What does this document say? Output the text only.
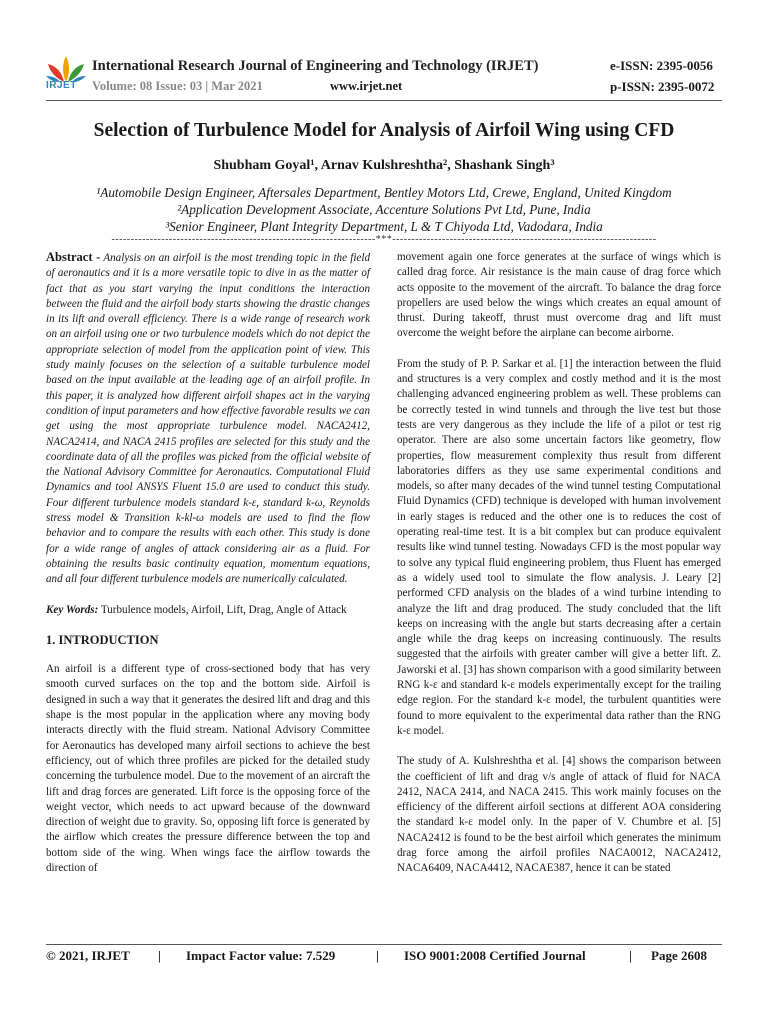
IRJET
International Research Journal of Engineering and Technology (IRJET)	e-ISSN: 2395-0056
Volume: 08 Issue: 03 | Mar 2021	www.irjet.net	p-ISSN: 2395-0072
Selection of Turbulence Model for Analysis of Airfoil Wing using CFD
Shubham Goyal¹, Arnav Kulshreshtha², Shashank Singh³
¹Automobile Design Engineer, Aftersales Department, Bentley Motors Ltd, Crewe, England, United Kingdom
²Application Development Associate, Accenture Solutions Pvt Ltd, Pune, India
³Senior Engineer, Plant Integrity Department, L & T Chiyoda Ltd, Vadodara, India
---------------------------------------------------------------------***---------------------------------------------------------------------

Abstract - Analysis on an airfoil is the most trending topic in the field of aeronautics and it is a more versatile topic to dive in as the matter of fact that as you start varying the input conditions the interaction between the fluid and the airfoil body starts showing the drastic changes in its lift and overall efficiency. There is a wide range of research work on an airfoil using one or two turbulence models which do not depict the appropriate selection of model from the application point of view. This study mainly focuses on the selection of a suitable turbulence model based on the input available at the leading age of an airfoil profile. In this paper, it is analyzed how different airfoil shapes act in the varying condition of input parameters and how effective favorable results we can get using the most appropriate turbulence model. NACA2412, NACA2414, and NACA 2415 profiles are selected for this study and the coordinate data of all the profiles was picked from the official website of the National Advisory Committee for Aeronautics. Computational Fluid Dynamics and tool ANSYS Fluent 15.0 are used to conduct this study. Four different turbulence models standard k-ε, standard k-ω, Reynolds stress model & Transition k-kl-ω models are used to find the flow behavior and to compare the results with each other. This study is done for a wide range of angles of attack considering air as a fluid. For obtaining the results basic continuity equation, momentum equations, and all four different turbulence models are numerically calculated.

Key Words: Turbulence models, Airfoil, Lift, Drag, Angle of Attack

1. INTRODUCTION

An airfoil is a different type of cross-sectioned body that has very smooth curved surfaces on the top and the bottom side. Airfoil is designed in such a way that it generates the desired lift and drag and this shape is the most popular in the application where any moving body interacts directly with the fluid stream. National Advisory Committee for Aeronautics has developed many airfoil sections to achieve the best efficiency, out of which three profiles are picked for the detailed study concerning the turbulence model. Due to the movement of an aircraft the lift and drag forces are generated. Lift force is the opposing force of the weight vector, which needs to act upward because of the downward direction of weight due to gravity. So, opposing lift force is generated by the airflow which creates the pressure difference between the top and bottom side of the wing. When wings face the airflow towards the direction of

movement again one force generates at the surface of wings which is called drag force. Air resistance is the main cause of drag force which acts opposite to the movement of the aircraft. To balance the drag force propellers are used below the wings which creates an equal amount of thrust. During takeoff, thrust must overcome drag and lift must overcome the weight before the airplane can become airborne.

From the study of P. P. Sarkar et al. [1] the interaction between the fluid and structures is a very complex and costly method and it is the most challenging advanced engineering problem as well. These problems can be correctly tested in wind tunnels and through the live test but those tests are very dangerous as they include the life of a pilot or test rig operator. There are also some uncertain factors like geometry, flow properties, flow measurement complexity thus result from different laboratories differs as they use same experimental conditions and models, so after many decades of the wind tunnel testing Computational Fluid Dynamics (CFD) technique is developed with human involvement in early stages is reduced and the other one is to reduces the cost of operating real-time test. It is a bit complex but can produce equivalent results like wind tunnel testing. Nowadays CFD is the most popular way to solve any typical fluid engineering problem, thus Fluent has emerged as a widely used tool to simulate the flow analysis. J. Leary [2] performed CFD analysis on the blades of a wind turbine intending to analyze the lift and drag produced. The study concluded that the lift keeps on increasing with the angle but starts decreasing after a certain angle while the drag keeps on increasing continuously. The results suggested that the airfoils with greater camber will give a better lift. Z. Jaworski et al. [3] has shown comparison with a good similarity between RNG k-ε and standard k-ε models experimentally except for the trailing edge region. For the standard k-ε model, the turbulent quantities were found to more equivalent to the experimental data rather than the RNG k-ε model.

The study of A. Kulshreshtha et al. [4] shows the comparison between the coefficient of lift and drag v/s angle of attack of fluid for NACA 2412, NACA 2414, and NACA 2415. This work mainly focuses on the efficiency of the different airfoil sections at different AOA considering the standard k-ε model only. In the paper of V. Chumbre et al. [5] NACA2412 is found to be the best airfoil which generates the minimum drag force among the airfoil profiles NACA0012, NACA2412, NACA6409, NACA4412, NACAE387, hence it can be stated

© 2021, IRJET | Impact Factor value: 7.529	| ISO 9001:2008 Certified Journal	| Page 2608
